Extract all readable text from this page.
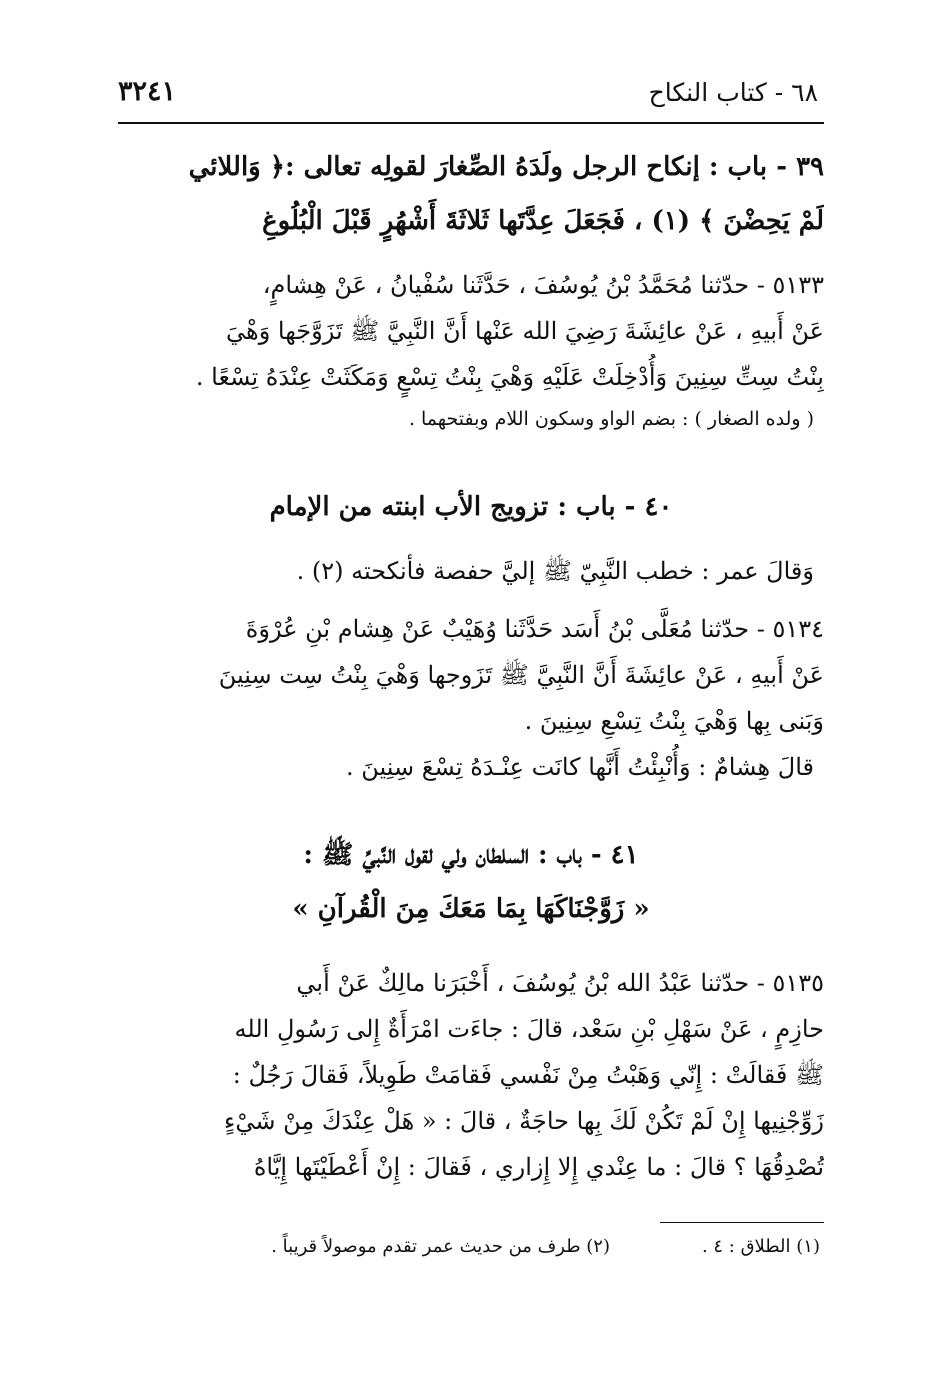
٦٨ - كتاب النكاح
٣٢٤١
٣٩ - باب : إنكاح الرجل ولَدَهُ الصِّغارَ لقولِه تعالى :﴿ وَاللائي
لَمْ يَحِضْنَ ﴾ (١) ، فَجَعَلَ عِدَّتَها ثَلاثَةَ أَشْهُرٍ قَبْلَ الْبُلُوغِ
٥١٣٣ - حدّثنا مُحَمَّدُ بْنُ يُوسُفَ ، حَدَّثَنا سُفْيانُ ، عَنْ هِشامٍ،
عَنْ أَبيهِ ، عَنْ عائِشَةَ رَضِيَ الله عَنْها أَنَّ النَّبِيَّ ﷺ تَزَوَّجَها وَهْيَ
بِنْتُ سِتِّ سِنِينَ وَأُدْخِلَتْ عَلَيْهِ وَهْيَ بِنْتُ تِسْعٍ وَمَكَثَتْ عِنْدَهُ تِسْعًا .
( ولده الصغار ) : بضم الواو وسكون اللام وبفتحهما .
٤٠ - باب : تزويج الأب ابنته من الإمام
وَقالَ عمر : خطب النَّبِيّ ﷺ إليَّ حفصة فأنكحته (٢) .
٥١٣٤ - حدّثنا مُعَلَّى بْنُ أَسَد حَدَّثَنا وُهَيْبٌ عَنْ هِشام بْنِ عُرْوَةَ
عَنْ أَبيهِ ، عَنْ عائِشَةَ أَنَّ النَّبِيَّ ﷺ تَزَوجها وَهْيَ بِنْتُ سِت سِنِينَ
وَبَنى بِها وَهْيَ بِنْتُ تِسْعِ سِنِينَ .
قالَ هِشامٌ : وَأُنْبِئْتُ أَنَّها كانَت عِنْـدَهُ تِسْعَ سِنِينَ .
٤١ - باب : السلطان ولي لقول النَّبيِّ ﷺ :
« زَوَّجْنَاكَهَا بِمَا مَعَكَ مِنَ الْقُرآنِ »
٥١٣٥ - حدّثنا عَبْدُ الله بْنُ يُوسُفَ ، أَخْبَرَنا مالِكٌ عَنْ أَبي
حازِمٍ ، عَنْ سَهْلِ بْنِ سَعْد، قالَ : جاءَت امْرَأَةٌ إِلى رَسُولِ الله
ﷺ فَقالَتْ : إِنّي وَهَبْتُ مِنْ نَفْسي فَقامَتْ طَوِيلاً، فَقالَ رَجُلٌ :
زَوِّجْنِيها إِنْ لَمْ تَكُنْ لَكَ بِها حاجَةٌ ، قالَ : « هَلْ عِنْدَكَ مِنْ شَيْءٍ
تُصْدِقُهَا ؟ قالَ : ما عِنْدي إِلا إِزاري ، فَقالَ : إِنْ أَعْطَيْتَها إِيَّاهُ
(١) الطلاق : ٤ .
(٢) طرف من حديث عمر تقدم موصولاً قريباً .
